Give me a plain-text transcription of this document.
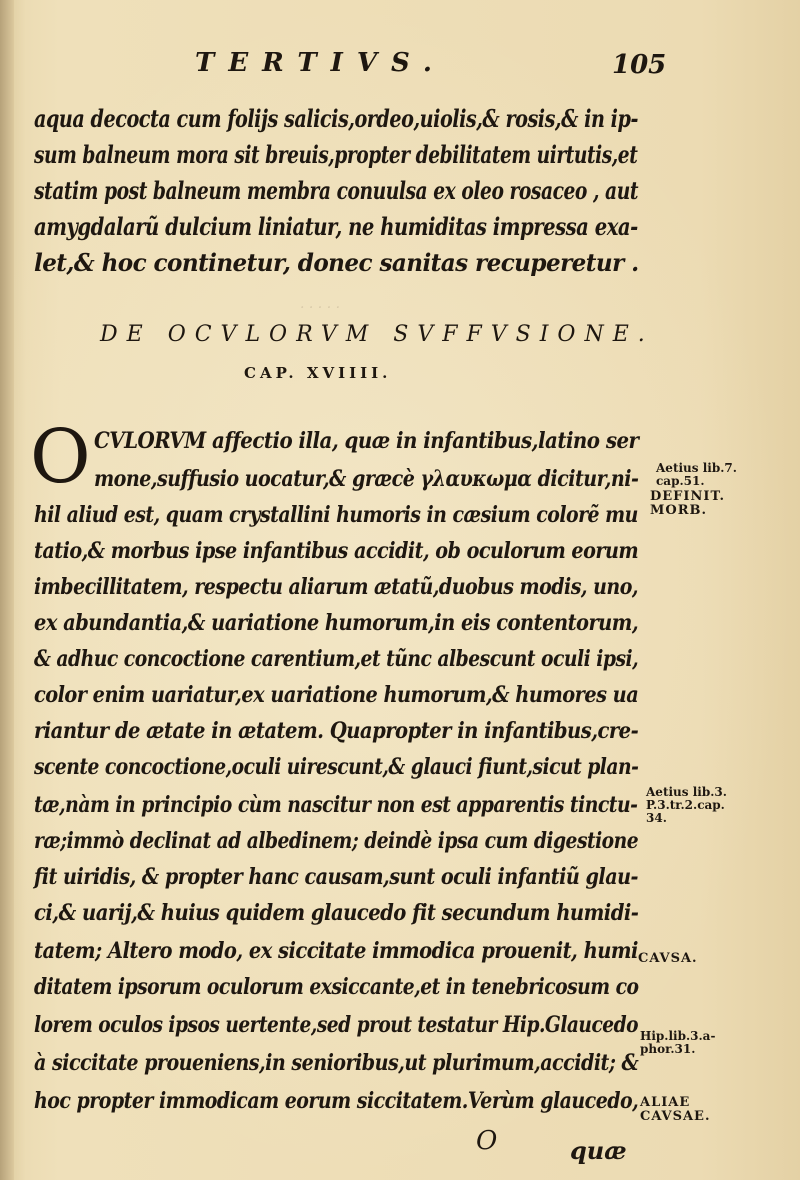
· · · · ·
TERTIVS.	105
aqua decocta cum folijs salicis,ordeo,uiolis,& rosis,& in ip-
sum balneum mora sit breuis,propter debilitatem uirtutis,et
statim post balneum membra conuulsa ex oleo rosaceo , aut
amygdalarũ dulcium liniatur, ne humiditas impressa exa-
let,& hoc continetur, donec sanitas recuperetur .
DE OCVLORVM SVFFVSIONE.
CAP. XVIIII.
O CVLORVM affectio illa, quæ in infantibus,latino ser
mone,suffusio uocatur,& græcè γλαυκωμα dicitur,ni-
hil aliud est, quam crystallini humoris in cæsium colorẽ mu
tatio,& morbus ipse infantibus accidit, ob oculorum eorum
imbecillitatem, respectu aliarum ætatũ,duobus modis, uno,
ex abundantia,& uariatione humorum,in eis contentorum,
& adhuc concoctione carentium,et tũnc albescunt oculi ipsi,
color enim uariatur,ex uariatione humorum,& humores ua
riantur de ætate in ætatem. Quapropter in infantibus,cre-
scente concoctione,oculi uirescunt,& glauci fiunt,sicut plan-
tæ,nàm in principio cùm nascitur non est apparentis tinctu-
ræ;immò declinat ad albedinem; deindè ipsa cum digestione
fit uiridis, & propter hanc causam,sunt oculi infantiũ glau-
ci,& uarij,& huius quidem glaucedo fit secundum humidi-
tatem; Altero modo, ex siccitate immodica prouenit, humi
ditatem ipsorum oculorum exsiccante,et in tenebricosum co
lorem oculos ipsos uertente,sed prout testatur Hip.Glaucedo
à siccitate proueniens,in senioribus,ut plurimum,accidit; &
hoc propter immodicam eorum siccitatem.Verùm glaucedo,
Aetius lib.7.
cap.51.
DEFINIT.
MORB.
Aetius lib.3.
P.3.tr.2.cap.
34.
CAVSA.
Hip.lib.3.a-
phor.31.
ALIAE
CAVSAE.
O	quæ
